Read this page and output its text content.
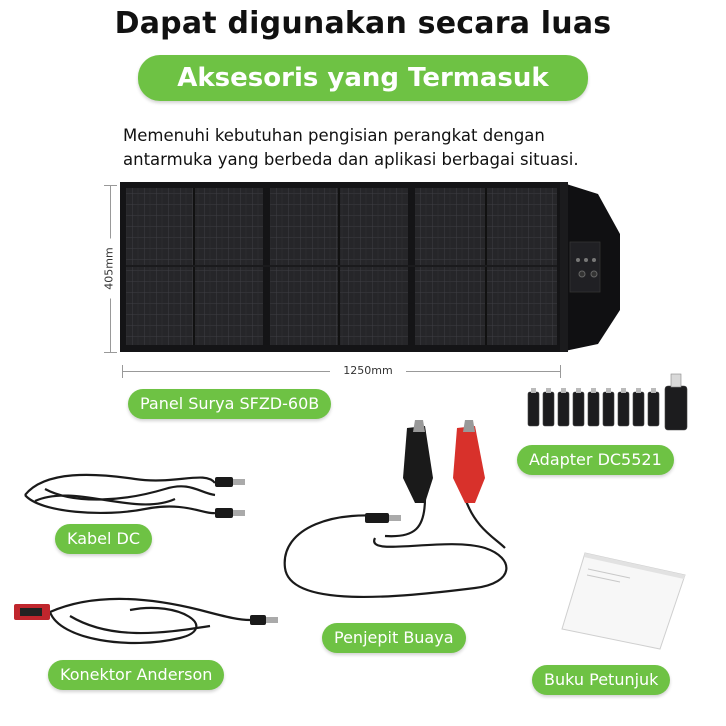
Dapat digunakan secara luas
Aksesoris yang Termasuk
Memenuhi kebutuhan pengisian perangkat dengan
antarmuka yang berbeda dan aplikasi berbagai situasi.
405mm
1250mm
Panel Surya SFZD-60B
Adapter DC5521
Kabel DC
Penjepit Buaya
Konektor Anderson	Buku Petunjuk
